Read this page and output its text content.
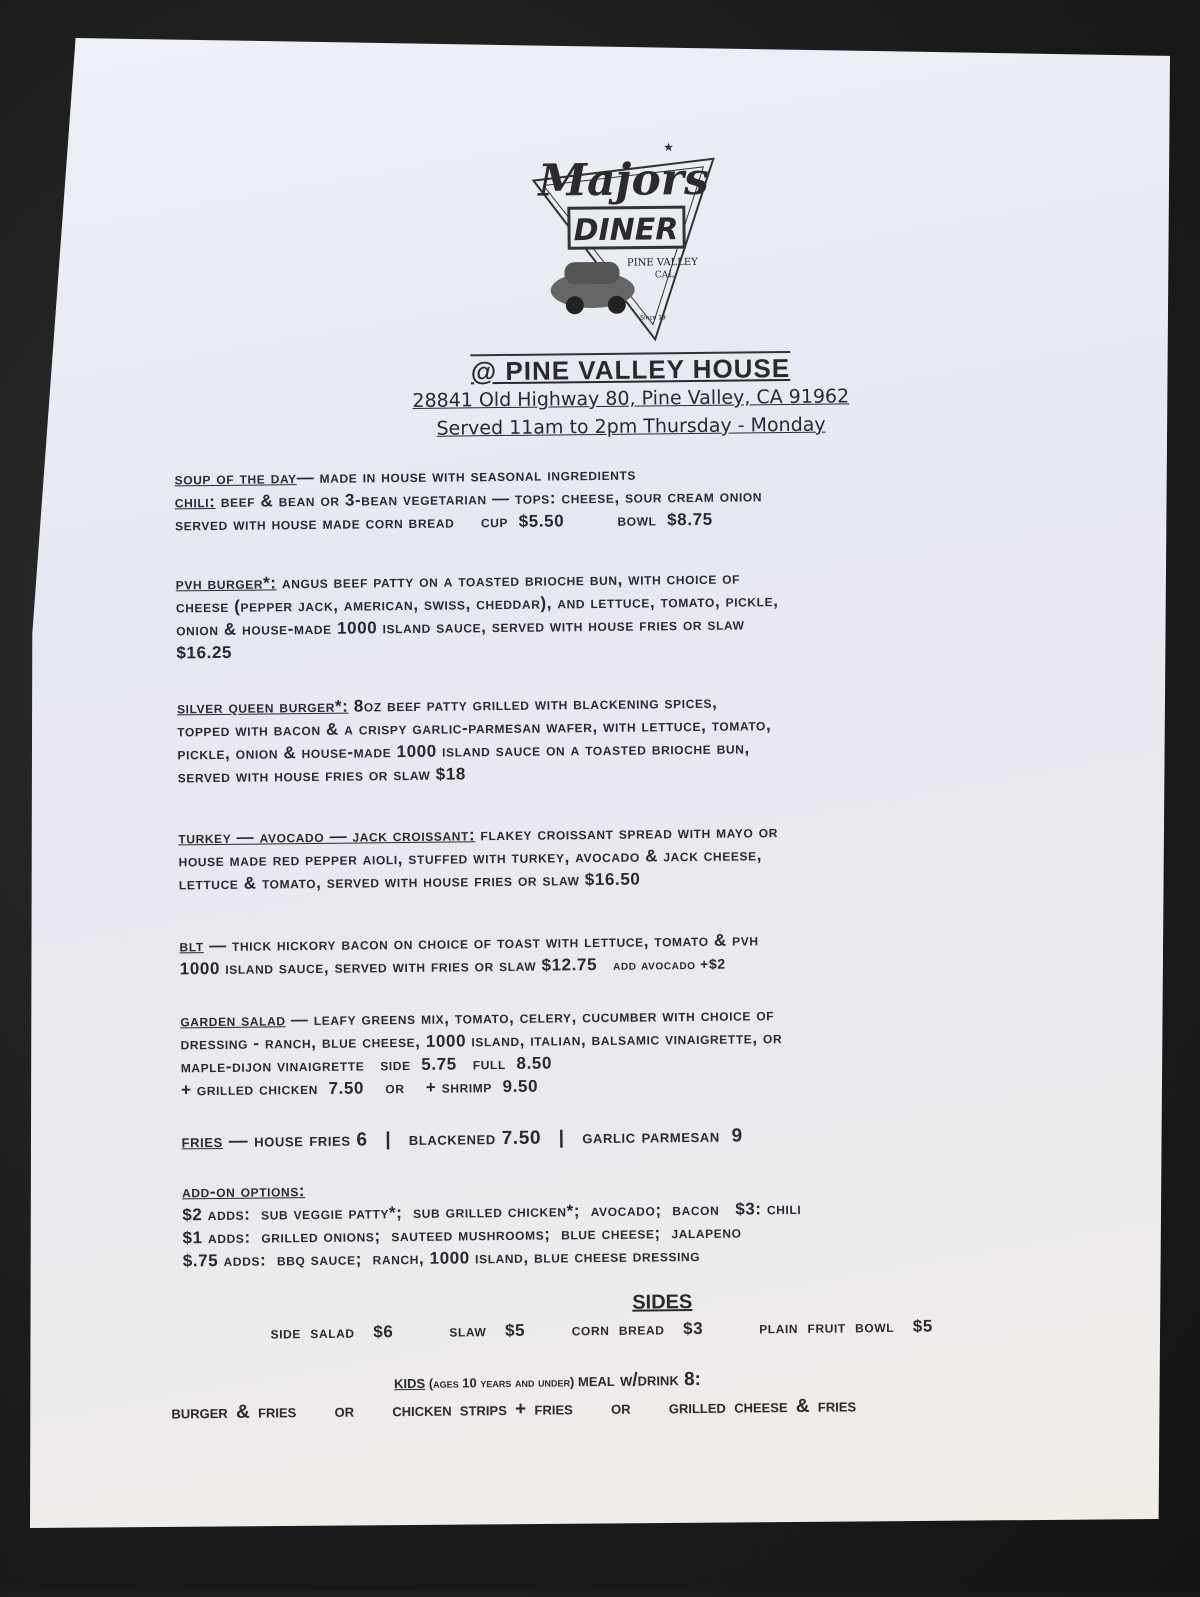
Majors
DINER
PINE VALLEY
CAL
Since 19
★
@ PINE VALLEY HOUSE
28841 Old Highway 80, Pine Valley, CA 91962
Served 11am to 2pm Thursday - Monday
soup of the day— made in house with seasonal ingredients
chili: beef & bean or 3-bean vegetarian — tops: cheese, sour cream onion
served with house made corn bread     cup  $5.50          bowl  $8.75
pvh burger*: angus beef patty on a toasted brioche bun, with choice of
cheese (pepper jack, american, swiss, cheddar), and lettuce, tomato, pickle,
onion & house-made 1000 island sauce, served with house fries or slaw
$16.25
silver queen burger*: 8oz beef patty grilled with blackening spices,
topped with bacon & a crispy garlic-parmesan wafer, with lettuce, tomato,
pickle, onion & house-made 1000 island sauce on a toasted brioche bun,
served with house fries or slaw $18
turkey — avocado — jack croissant: flakey croissant spread with mayo or
house made red pepper aioli, stuffed with turkey, avocado & jack cheese,
lettuce & tomato, served with house fries or slaw $16.50
blt — thick hickory bacon on choice of toast with lettuce, tomato & pvh
1000 island sauce, served with fries or slaw $12.75 add avocado +$2
garden salad — leafy greens mix, tomato, celery, cucumber with choice of
dressing - ranch, blue cheese, 1000 island, italian, balsamic vinaigrette, or
maple-dijon vinaigrette   side  5.75   full  8.50
+ grilled chicken  7.50    or    + shrimp  9.50
fries — house fries 6   |   blackened 7.50   |   garlic parmesan  9
add-on options:
$2 adds:  sub veggie patty*;  sub grilled chicken*;  avocado;  bacon   $3: chili
$1 adds:  grilled onions;  sauteed mushrooms;  blue cheese;  jalapeno
$.75 adds:  bbq sauce;  ranch, 1000 island, blue cheese dressing
SIDES
side salad  $6      slaw  $5     corn bread  $3      plain fruit bowl  $5
kids (ages 10 years and under) meal w/drink 8:
burger & fries or chicken strips + fries or grilled cheese & fries
